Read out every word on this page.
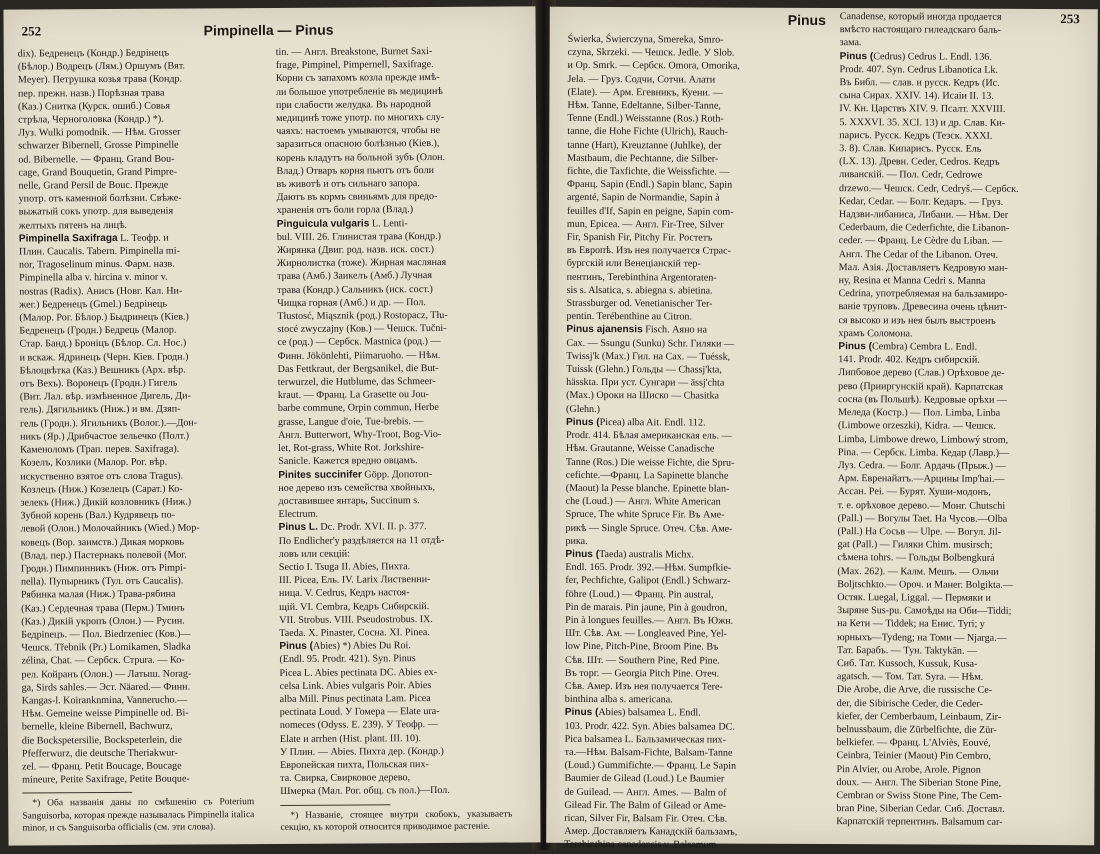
252	Pimpinella — Pinus
dix). Бедренецъ (Кондр.) Бедрінецъ
(Бѣлор.) Водрецъ (Лям.) Оршумъ (Вят.
Meyer). Петрушка козья трава (Кондр.
пер. прежн. назв.) Порѣзная трава
(Каз.) Снитка (Курск. ошиб.) Совья
стрѣла, Черноголовка (Кондр.) *).
Луз. Wulki pomodnik. — Нѣм. Grosser
schwarzer Bibernell, Grosse Pimpinelle
od. Bibernelle. — Франц. Grand Bou-
cage, Grand Bouquetin, Grand Pimpre-
nelle, Grand Persil de Bouc. Прежде
употр. отъ каменной болѣзни. Свѣже-
выжатый сокъ употр. для выведенія
желтыхъ пятенъ на лицѣ.
Pimpinella Saxifraga L. Теофр. и
Плин. Caucalis. Tabern. Pimpinella mi-
nor, Tragoselinum minus. Фарм. назв.
Pimpinella alba v. hircina v. minor v.
nostras (Radix). Анисъ (Новг. Кал. Ни-
жег.) Бедренецъ (Gmel.) Бедрінець
(Малор. Рог. Бѣлор.) Быдринецъ (Кіев.)
Бедренецъ (Гродн.) Бедрець (Малор.
Стар. Банд.) Броніцъ (Бѣлор. Сл. Нос.)
и вскаж. Ядринецъ (Черн. Кіев. Гродн.)
Бѣлоцвѣтка (Каз.) Вешникъ (Арх. вѣр.
отъ Вехъ). Воронецъ (Гродн.) Гигель
(Вит. Лал. вѣр. измѣненное Дигель, Ди-
гель). Дягильникъ (Ниж.) и вм. Дзяп-
гель (Гродн.). Ягильникъ (Волог.).—Дон-
никъ (Яр.) Дрибчастое зельечко (Полт.)
Каменоломъ (Трап. перев. Saxifraga).
Козелъ, Козлики (Малор. Рог. вѣр.
искуственно взятое отъ слова Tragus).
Козлецъ (Ниж.) Козелецъ (Сарат.) Ко-
зелекъ (Ниж.) Дикій козловникъ (Ниж.)
Зубной корень (Вал.) Кудрявецъ по-
левой (Олон.) Молочайникъ (Wied.) Мор-
ковецъ (Вор. заимств.) Дикая морковь
(Влад. пер.) Пастернакъ полевой (Мог.
Гродн.) Пимпинникъ (Ниж. отъ Pimpi-
nella). Пупырникъ (Тул. отъ Caucalis).
Рябинка малая (Ниж.) Трава-рябина
(Каз.) Сердечная трава (Перм.) Тминъ
(Каз.) Дикій укропъ (Олон.) — Русин.
Бедріnецъ. — Пол. Biedrzeniec (Ков.)—
Чешск. Třebnik (Pr.) Lomikamen, Sladka
zélina, Chat. — Сербск. Стрurа. — Ко-
рел. Койранъ (Олон.) — Латыш. Norag-
ga, Sirds sahles.— Эст. Näared.— Финн.
Kangas-l. Koiranknmina, Vannerucho.—
Нѣм. Gemeine weisse Pimpinelle od. Bi-
bernelle, kleine Bibernell, Bachwurz,
die Bockspetersilie, Bockspeterlein, die
Pfefferwurz, die deutsche Theriakwur-
zel. — Франц. Petit Boucage, Boucage
mineure, Petite Saxifrage, Petite Bouque-
*) Оба названія даны по смѣшенію съ Poterium Sanguisorba, которая прежде называлась Pimpinella italica minor, и съ Sanguisorba officialis (см. эти слова).
tin. — Англ. Breakstone, Burnet Saxi-
frage, Pimpinel, Pimpernell, Saxifrage.
Корни съ запахомъ козла прежде имѣ-
ли большое употребленіе въ медицинѣ
при слабости желудка. Въ народной
медицинѣ тоже употр. по многихъ слу-
чаяхъ: настоемъ умываются, чтобы не
заразиться опасною болѣзнью (Кіев.),
корень кладутъ на больной зубъ (Олон.
Влад.) Отваръ корня пьютъ отъ боли
въ животѣ и отъ сильнаго запора.
Даютъ въ кормъ свиньямъ для предо-
храненія отъ боли горла (Влад.)
Pinguicula vulgaris L. Lenti-
bul. VIII. 26. Глинистая трава (Кондр.)
Жирянка (Двиг. род. назв. иск. сост.)
Жирнолистка (тоже). Жирная масляная
трава (Амб.) Заикелъ (Амб.) Лучная
трава (Кондр.) Сальникъ (иск. сост.)
Чищка горная (Амб.) и др. — Пол.
Tłustosć, Miąsznik (род.) Rostopacz, Tłu-
stocé zwyczajny (Ков.) — Чешск. Tučni-
ce (род.) — Сербск. Mastnica (род.) —
Финн. Jökönlehti, Piimaruoho. — Нѣм.
Das Fettkraut, der Bergsanikel, die But-
terwurzel, die Hutblume, das Schmeer-
kraut. — Франц. La Grasette ou Jou-
barbe commune, Orpin commun, Herbe
grasse, Langue d'oie, Tue-brebis. —
Англ. Butterwort, Why-Troot, Bog-Vio-
let, Rot-grass, White Rot. Jorkshire-
Sanicle. Кажется вредно овцамъ.
Pinites succinifer Göpp. Допотоп-
ное дерево изъ семейства хвойныхъ,
доставившее янтарь, Succinum s.
Electrum.
Pinus L. Dc. Prodr. XVI. II. p. 377.
По Endlicher'у раздѣляется на 11 отдѣ-
ловъ или секцій:
Sectio I. Tsuga II. Abies, Пихта.
III. Picea, Ель. IV. Larix Лиственни-
ница. V. Cedrus, Кедръ настоя-
щій. VI. Cembra, Кедръ Сибирскій.
VII. Strobus. VIII. Pseudostrobus. IX.
Taeda. X. Pinaster, Сосна. XI. Pinea.
Pinus (Abies) *) Abies Du Roi.
(Endl. 95. Prodr. 421). Syn. Pinus
Picea L. Abies pectinata DC. Abies ex-
celsa Link. Abies vulgaris Poir. Abies
alba Mill. Pinus pectinata Lam. Picea
pectinata Loud. У Гомера — Elate ura-
nomeces (Odyss. E. 239). У Теофр. —
Elate и arrhen (Hist. plant. III. 10).
У Плин. — Abies. Пихта дер. (Кондр.)
Европейская пихта, Польская пих-
та. Свирка, Свирковое дерево,
Шмерка (Мал. Рог. общ. съ пол.)—Пол.
*) Названіе, стоящее внутри скобокъ, указываетъ секцію, къ которой относится приводимое растеніе.
Pinus	253
Świerka, Świerczyna, Smereka, Smro-
czyna, Skrzeki. — Чешск. Jedle. У Slob.
и Op. Smrk. — Сербск. Omora, Omorika,
Jela. — Груз. Содчи, Сотчи. Алати
(Elate). — Арм. Егевникъ, Куени. —
Нѣм. Tanne, Edeltanne, Silber-Tanne,
Tenne (Endl.) Weisstanne (Ros.) Roth-
tanne, die Hohe Fichte (Ulrich), Rauch-
tanne (Hart), Kreuztanne (Juhlke), der
Mastbaum, die Pechtanne, die Silber-
fichte, die Taxfichte, die Weissfichte. —
Франц. Sapin (Endl.) Sapin blanc, Sapin
argenté, Sapin de Normandie, Sapin à
feuilles d'If, Sapin en peigne, Sapin com-
mun, Epicea. — Англ. Fir-Tree, Silver
Fir, Spanish Fir, Pitchy Fir. Ростетъ
въ Европѣ. Изъ нея получается Страс-
бургскій или Венеціанскій тер-
пентинъ, Terebinthina Argentoraten-
sis s. Alsatica, s. abiegna s. abietina.
Strassburger od. Venetianischer Ter-
pentin. Terébenthine au Citron.
Pinus ajanensis Fisch. Аяно на
Сах. — Ssungu (Sunku) Schr. Гиляки —
Twissj'k (Max.) Гил. на Сах. — Tuéssk,
Tuissk (Glehn.) Гольды — Chassj'kta,
hässkta. При уст. Сунгари — āssj'chta
(Max.) Ороки на Шиско — Chasitka
(Glehn.)
Pinus (Picea) alba Ait. Endl. 112.
Prodr. 414. Бѣлая американская ель. —
Нѣм. Grautanne, Weisse Canadische
Tanne (Ros.) Die weisse Fichte, die Spru-
cefichte.—Франц. La Sapinette blanche
(Maout) la Pesse blanche. Epinette blan-
che (Loud.) — Англ. White American
Spruce, The white Spruce Fir. Въ Аме-
рикѣ — Single Spruce. Отеч. Сѣв. Аме-
рика.
Pinus (Taeda) australis Michx.
Endl. 165. Prodr. 392.—Нѣм. Sumpfkie-
fer, Pechfichte, Galipot (Endl.) Schwarz-
föhre (Loud.) — Франц. Pin austral,
Pin de marais. Pin jaune, Pin à goudron,
Pin à longues feuilles.— Англ. Въ Южн.
Шт. Сѣв. Ам. — Longleaved Pine, Yel-
low Pine, Pitch-Pine, Broom Pine. Въ
Сѣв. Шт. — Southern Pine, Red Pine.
Въ торг. — Georgia Pitch Pine. Отеч.
Сѣв. Амер. Изъ нея получается Tere-
binthina alba s. americana.
Pinus (Abies) balsamea L. Endl.
103. Prodr. 422. Syn. Abies balsamea DC.
Pica balsamea L. Бальзамическая пих-
та.—Нѣм. Balsam-Fichte, Balsam-Tanne
(Loud.) Gummifichte.— Франц. Le Sapin
Baumier de Gilead (Loud.) Le Baumier
de Guilead. — Англ. Ames. — Balm of
Gilead Fir. The Balm of Gilead or Ame-
rican, Silver Fir, Balsam Fir. Отеч. Сѣв.
Амер. Доставляетъ Канадскій бальзамъ,
Terebinthina canadensis v. Balsamum
Canadense, который иногда продается
вмѣсто настоящаго гилеадскаго баль-
зама.
Pinus (Cedrus) Cedrus L. Endl. 136.
Prodr. 407. Syn. Cedrus Libanotica Lk.
Въ Библ. — слав. и русск. Кедръ (Ис.
сына Сирах. XXIV. 14). Исаіи II. 13.
IV. Кн. Царствъ XIV. 9. Псалт. XXVIII.
5. XXXVI. 35. XCI. 13) и др. Слав. Ки-
парисъ. Русск. Кедръ (Тезск. XXXI.
3. 8). Слав. Кипарисъ. Русск. Ель
(LX. 13). Древн. Ceder, Cedros. Кедръ
ливанскій. — Пол. Cedr, Cedrowe
drzewo.— Чешск. Cedr, Cedryš.— Сербск.
Kedar, Cedar. — Болг. Кедаръ. — Груз.
Надзви-либаниса, Либани. — Нѣм. Der
Cederbaum, die Cederfichte, die Libanon-
ceder. — Франц. Le Cèdre du Liban. —
Англ. The Cedar of the Libanon. Отеч.
Мал. Азія. Доставляетъ Кедровую ман-
ну, Resina et Manna Cedri s. Manna
Cedrina, употребляемая на бальзамиро-
ваніе труповъ. Древесина очень цѣнит-
ся высоко и изъ нея былъ выстроенъ
храмъ Соломона.
Pinus (Cembra) Cembra L. Endl.
141. Prodr. 402. Кедръ сибирскій.
Липбовое дерево (Слав.) Орѣховое де-
рево (Прииргунскій край). Карпатская
сосна (въ Польшѣ). Кедровые орѣхи —
Меледа (Костр.) — Пол. Limba, Linba
(Limbowe orzeszki), Kidra. — Чешск.
Limba, Limbowe drewo, Limbowý strom,
Pina. — Сербск. Limba. Кедар (Лавр.)—
Луз. Cedra. — Болг. Ардачь (Прыж.) —
Арм. Евренайатъ.—Арцины Imp'hai.—
Ассан. Pei. — Бурят. Хуши-модонъ,
т. е. орѣховое дерево.— Монг. Chutschi
(Pall.) — Вогулы Taet. На Чусов.—Olba
(Pall.) На Сосьв — Ulpe. — Вогул. Jil-
gat (Pall.) — Гиляки Chim. musirsch;
сѣмена tohrs. — Гольды Bolbengkurá
(Max. 262). — Калм. Мешъ. — Ольчи
Boljtschkto.— Ороч. и Манег. Bolgikta.—
Остяк. Luegal, Liggal. — Пермяки и
Зыряне Sus-pu. Самоѣды на Оби—Tiddi;
на Кети — Tiddek; на Енис. Tyri; у
юрныхъ—Tydeng; на Томи — Njarga.—
Тат. Барабъ. — Тун. Taktykān. —
Сиб. Тат. Kussoch, Kussuk, Kusa-
agatsch. — Том. Тат. Syra. — Нѣм.
Die Arobe, die Arve, die russische Ce-
der, die Sibirische Ceder, die Ceder-
kiefer, der Cemberbaum, Leinbaum, Zir-
belnussbaum, die Zürbelfichte, die Zür-
belkiefer. — Франц. L'Alviès, Eouvé,
Ceinbra, Teinier (Maout) Pin Cembro,
Pin Alvier, ou Arobe, Arole. Pignon
doux. — Англ. The Siberian Stone Pine,
Cembran or Swiss Stone Pine, The Cem-
bran Pine, Siberian Cedar. Сиб. Доставл.
Карпатскій терпентинъ. Balsamum car-
